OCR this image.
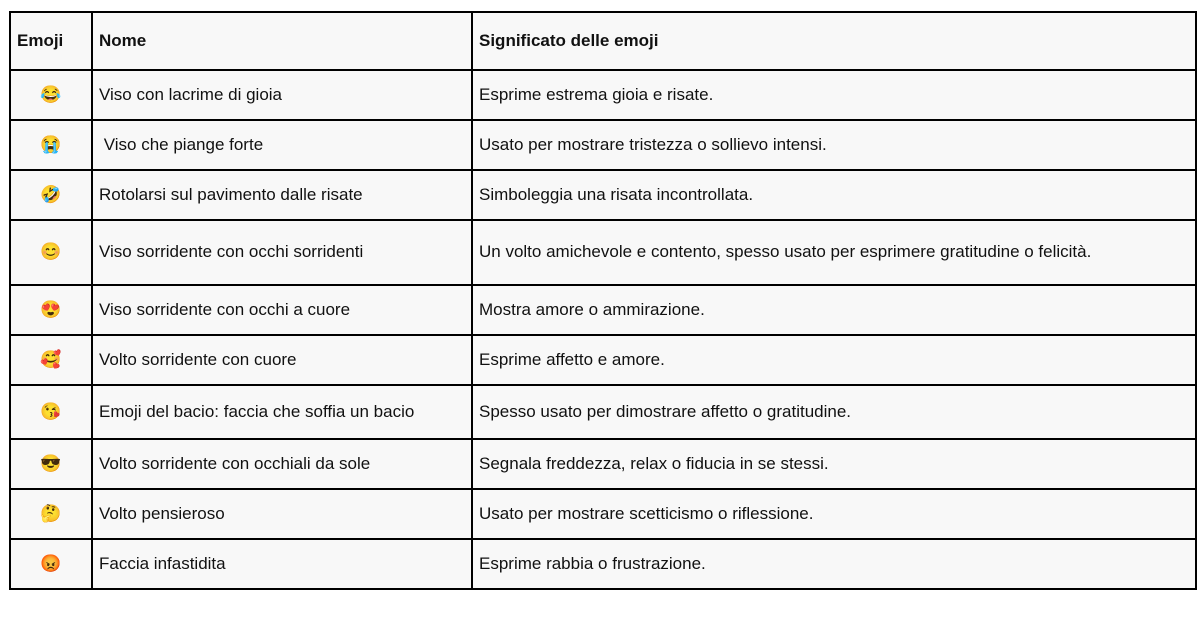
Emoji	Nome	Significato delle emoji
😂	Viso con lacrime di gioia	Esprime estrema gioia e risate.
😭	Viso che piange forte	Usato per mostrare tristezza o sollievo intensi.
🤣	Rotolarsi sul pavimento dalle risate	Simboleggia una risata incontrollata.
😊	Viso sorridente con occhi sorridenti	Un volto amichevole e contento, spesso usato per esprimere gratitudine o felicità.
😍	Viso sorridente con occhi a cuore	Mostra amore o ammirazione.
🥰	Volto sorridente con cuore	Esprime affetto e amore.
😘	Emoji del bacio: faccia che soffia un bacio	Spesso usato per dimostrare affetto o gratitudine.
😎	Volto sorridente con occhiali da sole	Segnala freddezza, relax o fiducia in se stessi.
🤔	Volto pensieroso	Usato per mostrare scetticismo o riflessione.
😡	Faccia infastidita	Esprime rabbia o frustrazione.
